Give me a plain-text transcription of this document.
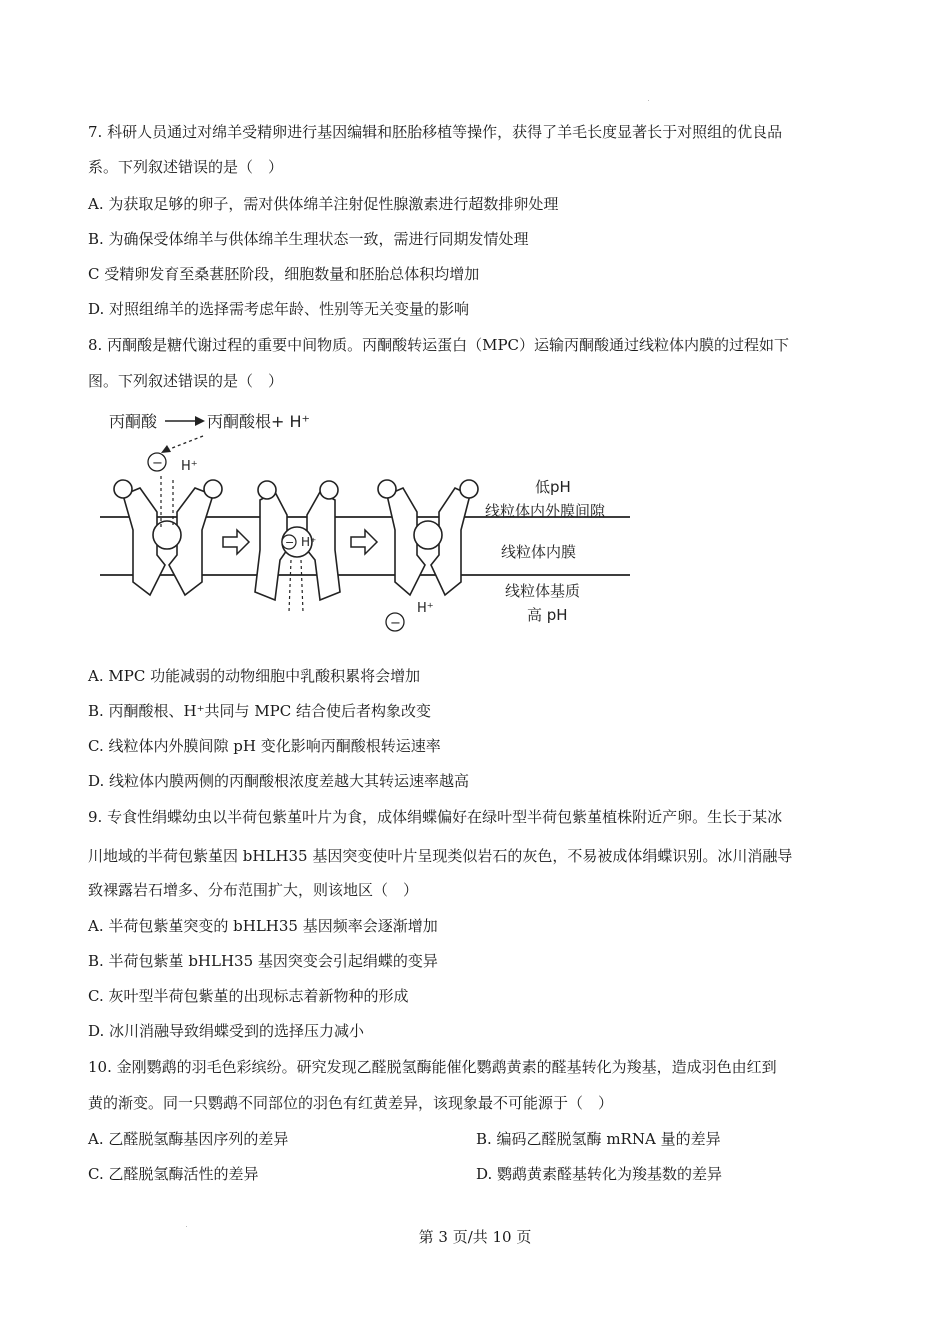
7. 科研人员通过对绵羊受精卵进行基因编辑和胚胎移植等操作，获得了羊毛长度显著长于对照组的优良品
系。下列叙述错误的是（　）
A. 为获取足够的卵子，需对供体绵羊注射促性腺激素进行超数排卵处理
B. 为确保受体绵羊与供体绵羊生理状态一致，需进行同期发情处理
C 受精卵发育至桑葚胚阶段，细胞数量和胚胎总体积均增加
D. 对照组绵羊的选择需考虑年龄、性别等无关变量的影响
8. 丙酮酸是糖代谢过程的重要中间物质。丙酮酸转运蛋白（MPC）运输丙酮酸通过线粒体内膜的过程如下
图。下列叙述错误的是（　）
丙酮酸	丙酮酸根+ H⁺
− H⁺
− H⁺
−
H⁺
低pH
线粒体内外膜间隙
线粒体内膜
线粒体基质
高 pH
A. MPC 功能减弱的动物细胞中乳酸积累将会增加
B. 丙酮酸根、H⁺共同与 MPC 结合使后者构象改变
C. 线粒体内外膜间隙 pH 变化影响丙酮酸根转运速率
D. 线粒体内膜两侧的丙酮酸根浓度差越大其转运速率越高
9. 专食性绢蝶幼虫以半荷包紫堇叶片为食，成体绢蝶偏好在绿叶型半荷包紫堇植株附近产卵。生长于某冰
川地域的半荷包紫堇因 bHLH35 基因突变使叶片呈现类似岩石的灰色，不易被成体绢蝶识别。冰川消融导
致裸露岩石增多、分布范围扩大，则该地区（　）
A. 半荷包紫堇突变的 bHLH35 基因频率会逐渐增加
B. 半荷包紫堇 bHLH35 基因突变会引起绢蝶的变异
C. 灰叶型半荷包紫堇的出现标志着新物种的形成
D. 冰川消融导致绢蝶受到的选择压力减小
10. 金刚鹦鹉的羽毛色彩缤纷。研究发现乙醛脱氢酶能催化鹦鹉黄素的醛基转化为羧基，造成羽色由红到
黄的渐变。同一只鹦鹉不同部位的羽色有红黄差异，该现象最不可能源于（　）
A. 乙醛脱氢酶基因序列的差异	B. 编码乙醛脱氢酶 mRNA 量的差异
C. 乙醛脱氢酶活性的差异	D. 鹦鹉黄素醛基转化为羧基数的差异
第 3 页/共 10 页
